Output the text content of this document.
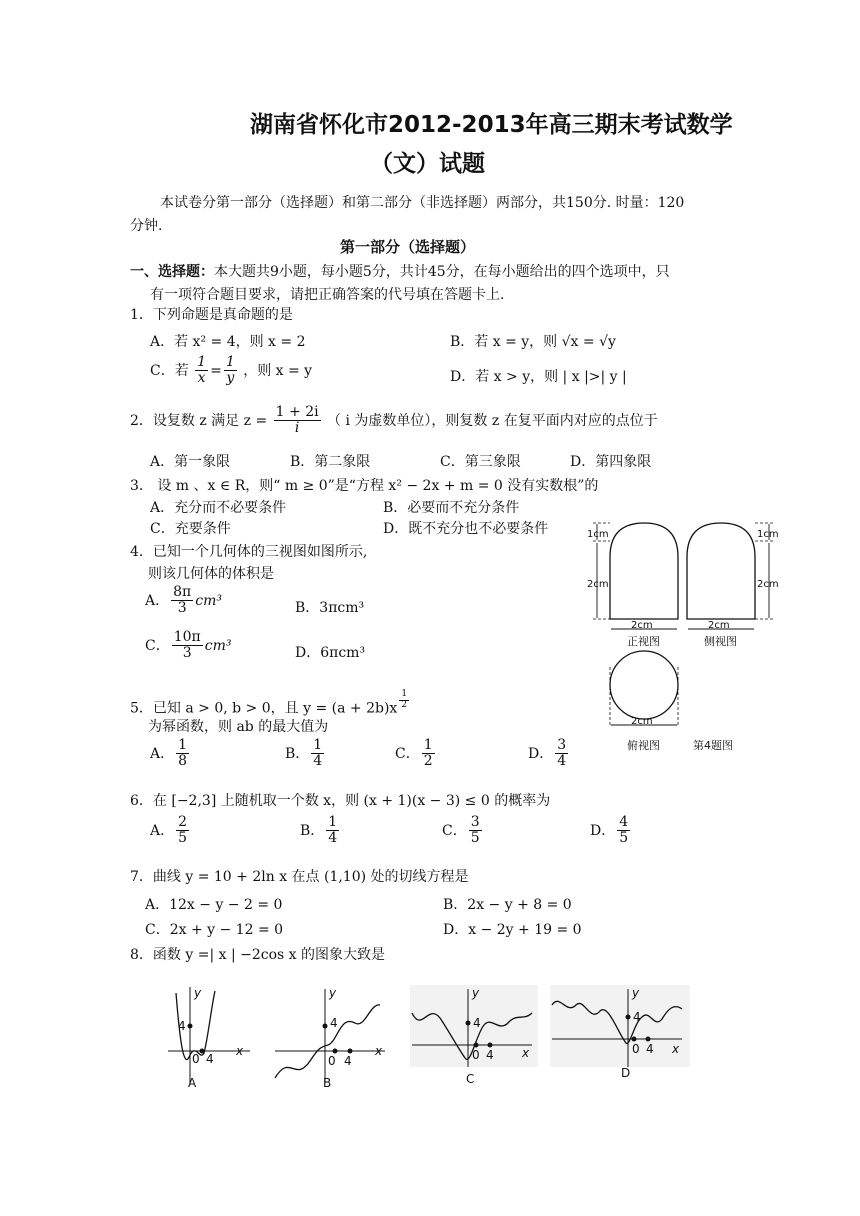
湖南省怀化市2012-2013年高三期末考试数学
（文）试题
本试卷分第一部分（选择题）和第二部分（非选择题）两部分，共150分. 时量：120
分钟.
第一部分（选择题）
一、选择题：本大题共9小题，每小题5分，共计45分，在每小题给出的四个选项中，只
有一项符合题目要求，请把正确答案的代号填在答题卡上.
1．下列命题是真命题的是
A．若 x² = 4，则 x = 2	B．若 x = y，则 √x = √y
C．若 $\frac{1}{x} = \frac{1}{y}$ ，则 x = y	D．若 x > y，则 | x |>| y |
2．设复数 z 满足 $z = \frac{1 + 2i}{i}$ （ i 为虚数单位），则复数 z 在复平面内对应的点位于
A．第一象限	B．第二象限	C．第三象限	D．第四象限
3． 设 m 、x ∈ R，则“ m ≥ 0”是“方程 x² − 2x + m = 0 没有实数根”的
A．充分而不必要条件	B．必要而不充分条件
C．充要条件	D．既不充分也不必要条件
4．已知一个几何体的三视图如图所示,
则该几何体的体积是
A． $\frac{8\pi}{3} cm^3$	B．3πcm³
C． $\frac{10\pi}{3} cm^3$	D．6πcm³
1cm
2cm
1cm
2cm
2cm	2cm
正视图	侧视图
2cm
俯视图	第4题图
5．已知 a > 0, b > 0，且 $y = (a + 2b)x \frac{1}{2}$
为幂函数，则 ab 的最大值为
A． $\frac{1}{8}$	B． $\frac{1}{4}$	C． $\frac{1}{2}$	D． $\frac{3}{4}$
6．在 [−2,3] 上随机取一个数 x，则 (x + 1)(x − 3) ≤ 0 的概率为
A． $\frac{2}{5}$	B． $\frac{1}{4}$	C． $\frac{3}{5}$	D． $\frac{4}{5}$
7．曲线 y = 10 + 2ln x 在点 (1,10) 处的切线方程是
A．12x − y − 2 = 0	B．2x − y + 8 = 0
C．2x + y − 12 = 0	D．x − 2y + 19 = 0
8．函数 y =| x | −2cos x 的图象大致是
y
x
4
0 4
A
y
x
4
0 4
B
y
x
4
0 4
C
y
x
4
0 4
D
